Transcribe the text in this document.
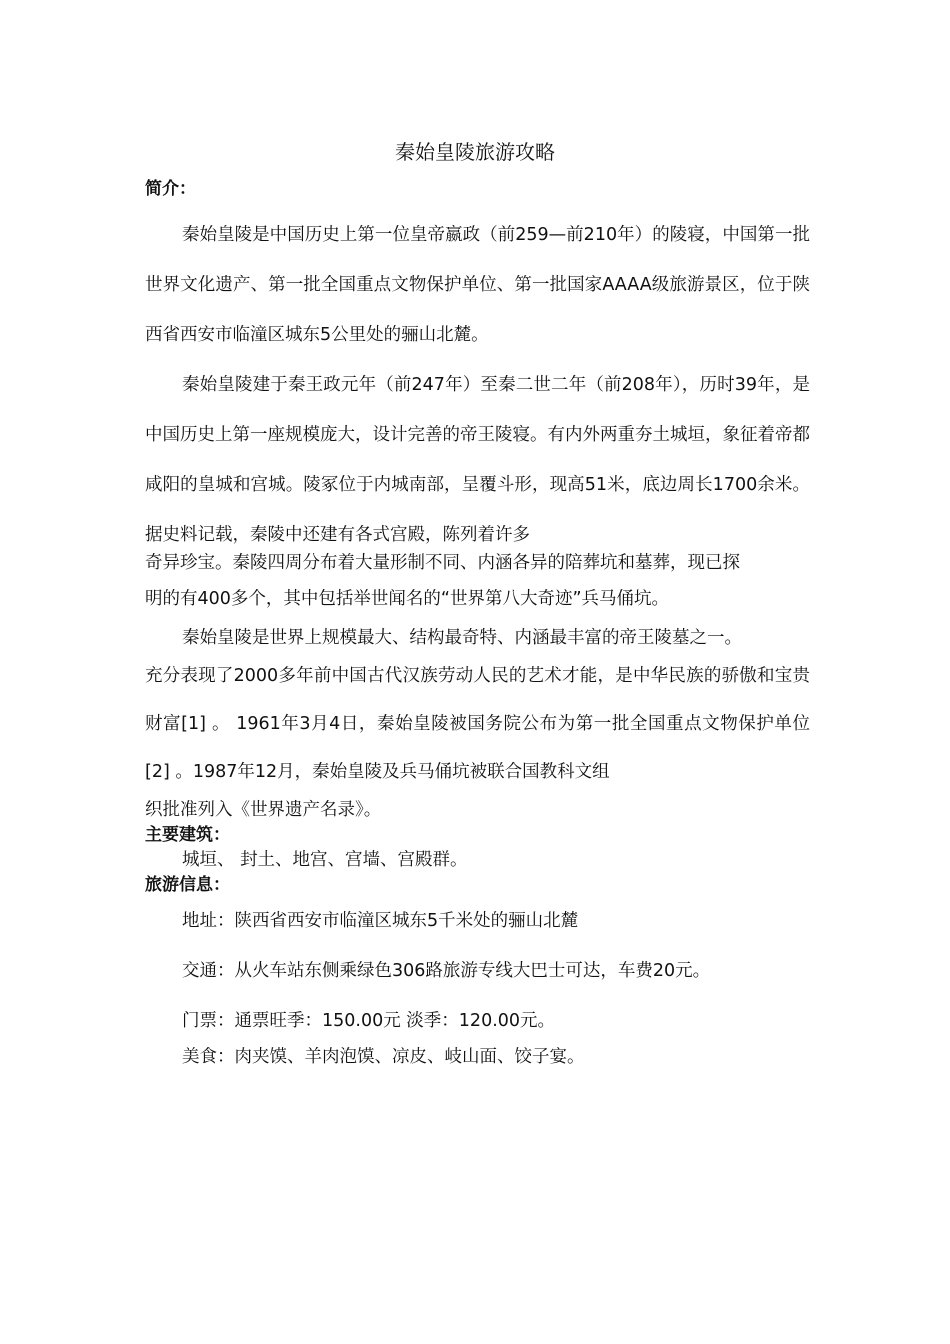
秦始皇陵旅游攻略
简介：

秦始皇陵是中国历史上第一位皇帝嬴政（前259—前210年）的陵寝，中国第一批世界文化遗产、第一批全国重点文物保护单位、第一批国家AAAA级旅游景区，位于陕西省西安市临潼区城东5公里处的骊山北麓。

秦始皇陵建于秦王政元年（前247年）至秦二世二年（前208年），历时39年，是中国历史上第一座规模庞大，设计完善的帝王陵寝。有内外两重夯土城垣，象征着帝都咸阳的皇城和宫城。陵冢位于内城南部，呈覆斗形，现高51米，底边周长1700余米。据史料记载，秦陵中还建有各式宫殿，陈列着许多

奇异珍宝。秦陵四周分布着大量形制不同、内涵各异的陪葬坑和墓葬，现已探

明的有400多个，其中包括举世闻名的“世界第八大奇迹”兵马俑坑。

秦始皇陵是世界上规模最大、结构最奇特、内涵最丰富的帝王陵墓之一。

充分表现了2000多年前中国古代汉族劳动人民的艺术才能，是中华民族的骄傲和宝贵财富[1] 。 1961年3月4日，秦始皇陵被国务院公布为第一批全国重点文物保护单位[2] 。1987年12月，秦始皇陵及兵马俑坑被联合国教科文组

织批准列入《世界遗产名录》。

主要建筑：
城垣、 封土、地宫、宫墙、宫殿群。
旅游信息：
地址：陕西省西安市临潼区城东5千米处的骊山北麓
交通：从火车站东侧乘绿色306路旅游专线大巴士可达，车费20元。
门票：通票旺季：150.00元 淡季：120.00元。
美食：肉夹馍、羊肉泡馍、凉皮、岐山面、饺子宴。
